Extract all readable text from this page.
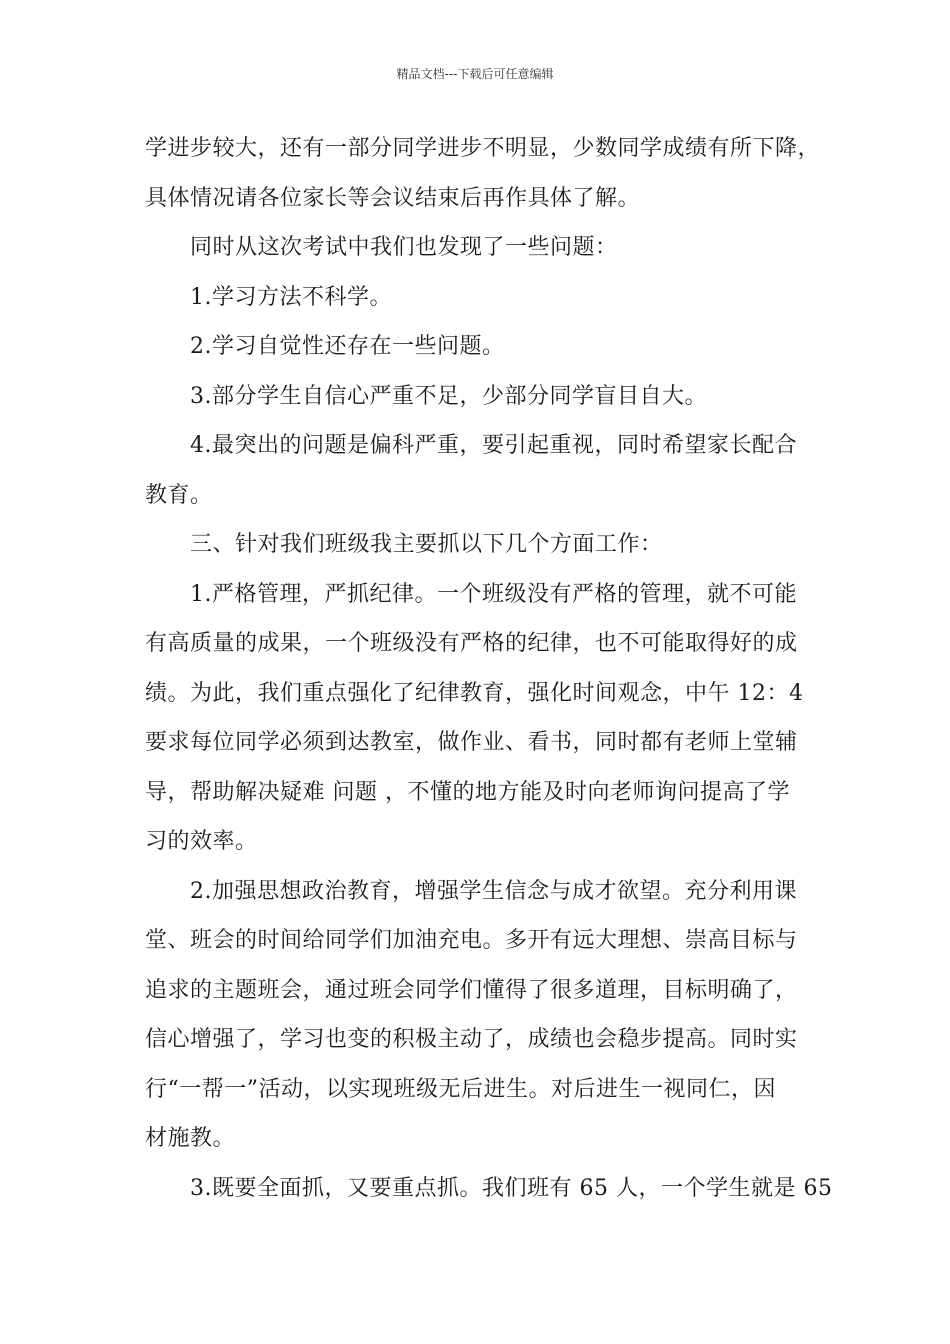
精品文档---下载后可任意编辑
学进步较大，还有一部分同学进步不明显，少数同学成绩有所下降，
具体情况请各位家长等会议结束后再作具体了解。
同时从这次考试中我们也发现了一些问题：
1.学习方法不科学。
2.学习自觉性还存在一些问题。
3.部分学生自信心严重不足，少部分同学盲目自大。
4.最突出的问题是偏科严重，要引起重视，同时希望家长配合
教育。
三、针对我们班级我主要抓以下几个方面工作：
1.严格管理，严抓纪律。一个班级没有严格的管理，就不可能
有高质量的成果，一个班级没有严格的纪律，也不可能取得好的成
绩。为此，我们重点强化了纪律教育，强化时间观念，中午 12：4
要求每位同学必须到达教室，做作业、看书，同时都有老师上堂辅
导，帮助解决疑难 问题 ，不懂的地方能及时向老师询问提高了学
习的效率。
2.加强思想政治教育，增强学生信念与成才欲望。充分利用课
堂、班会的时间给同学们加油充电。多开有远大理想、崇高目标与
追求的主题班会，通过班会同学们懂得了很多道理，目标明确了，
信心增强了，学习也变的积极主动了，成绩也会稳步提高。同时实
行“一帮一”活动，以实现班级无后进生。对后进生一视同仁，因
材施教。
3.既要全面抓，又要重点抓。我们班有 65 人，一个学生就是 65
